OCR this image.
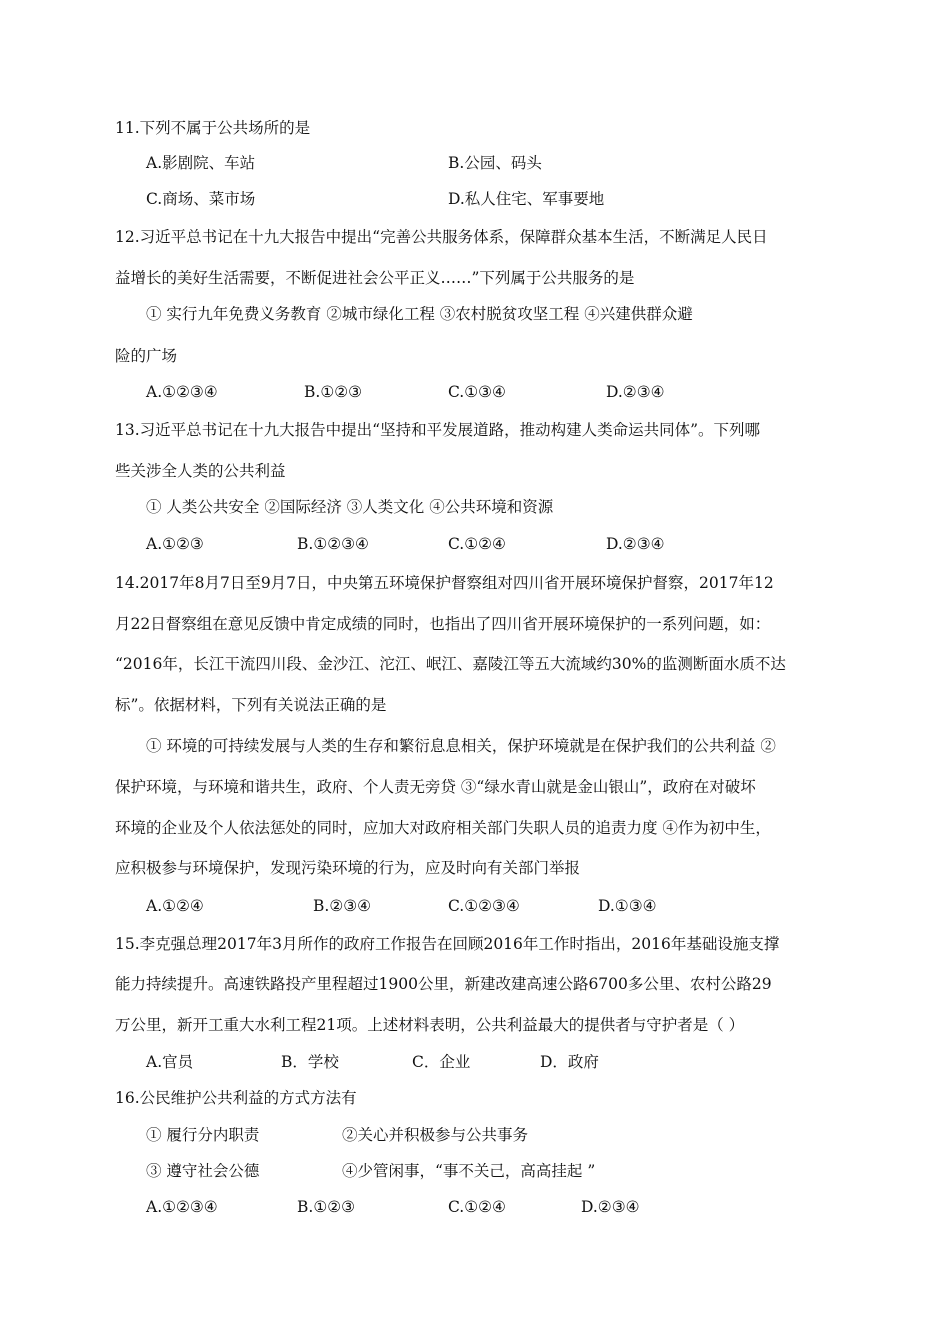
11.下列不属于公共场所的是
A.影剧院、车站	B.公园、码头
C.商场、菜市场	D.私人住宅、军事要地
12.习近平总书记在十九大报告中提出“完善公共服务体系，保障群众基本生活，不断满足人民日
益增长的美好生活需要，不断促进社会公平正义……”下列属于公共服务的是
① 实行九年免费义务教育 ②城市绿化工程 ③农村脱贫攻坚工程 ④兴建供群众避
险的广场
A.①②③④	B.①②③	C.①③④	D.②③④
13.习近平总书记在十九大报告中提出“坚持和平发展道路，推动构建人类命运共同体”。下列哪
些关涉全人类的公共利益
① 人类公共安全 ②国际经济 ③人类文化 ④公共环境和资源
A.①②③	B.①②③④	C.①②④	D.②③④
14.2017年8月7日至9月7日，中央第五环境保护督察组对四川省开展环境保护督察，2017年12
月22日督察组在意见反馈中肯定成绩的同时，也指出了四川省开展环境保护的一系列问题，如：
“2016年，长江干流四川段、金沙江、沱江、岷江、嘉陵江等五大流域约30%的监测断面水质不达
标”。依据材料，下列有关说法正确的是
① 环境的可持续发展与人类的生存和繁衍息息相关，保护环境就是在保护我们的公共利益 ②
保护环境，与环境和谐共生，政府、个人责无旁贷 ③“绿水青山就是金山银山”，政府在对破坏
环境的企业及个人依法惩处的同时，应加大对政府相关部门失职人员的追责力度 ④作为初中生，
应积极参与环境保护，发现污染环境的行为，应及时向有关部门举报
A.①②④	B.②③④	C.①②③④	D.①③④
15.李克强总理2017年3月所作的政府工作报告在回顾2016年工作时指出，2016年基础设施支撑
能力持续提升。高速铁路投产里程超过1900公里，新建改建高速公路6700多公里、农村公路29
万公里，新开工重大水利工程21项。上述材料表明，公共利益最大的提供者与守护者是（ ）
A.官员	B．学校	C．企业	D．政府
16.公民维护公共利益的方式方法有
① 履行分内职责	②关心并积极参与公共事务
③ 遵守社会公德	④少管闲事，“事不关己，高高挂起 ”
A.①②③④	B.①②③	C.①②④	D.②③④
